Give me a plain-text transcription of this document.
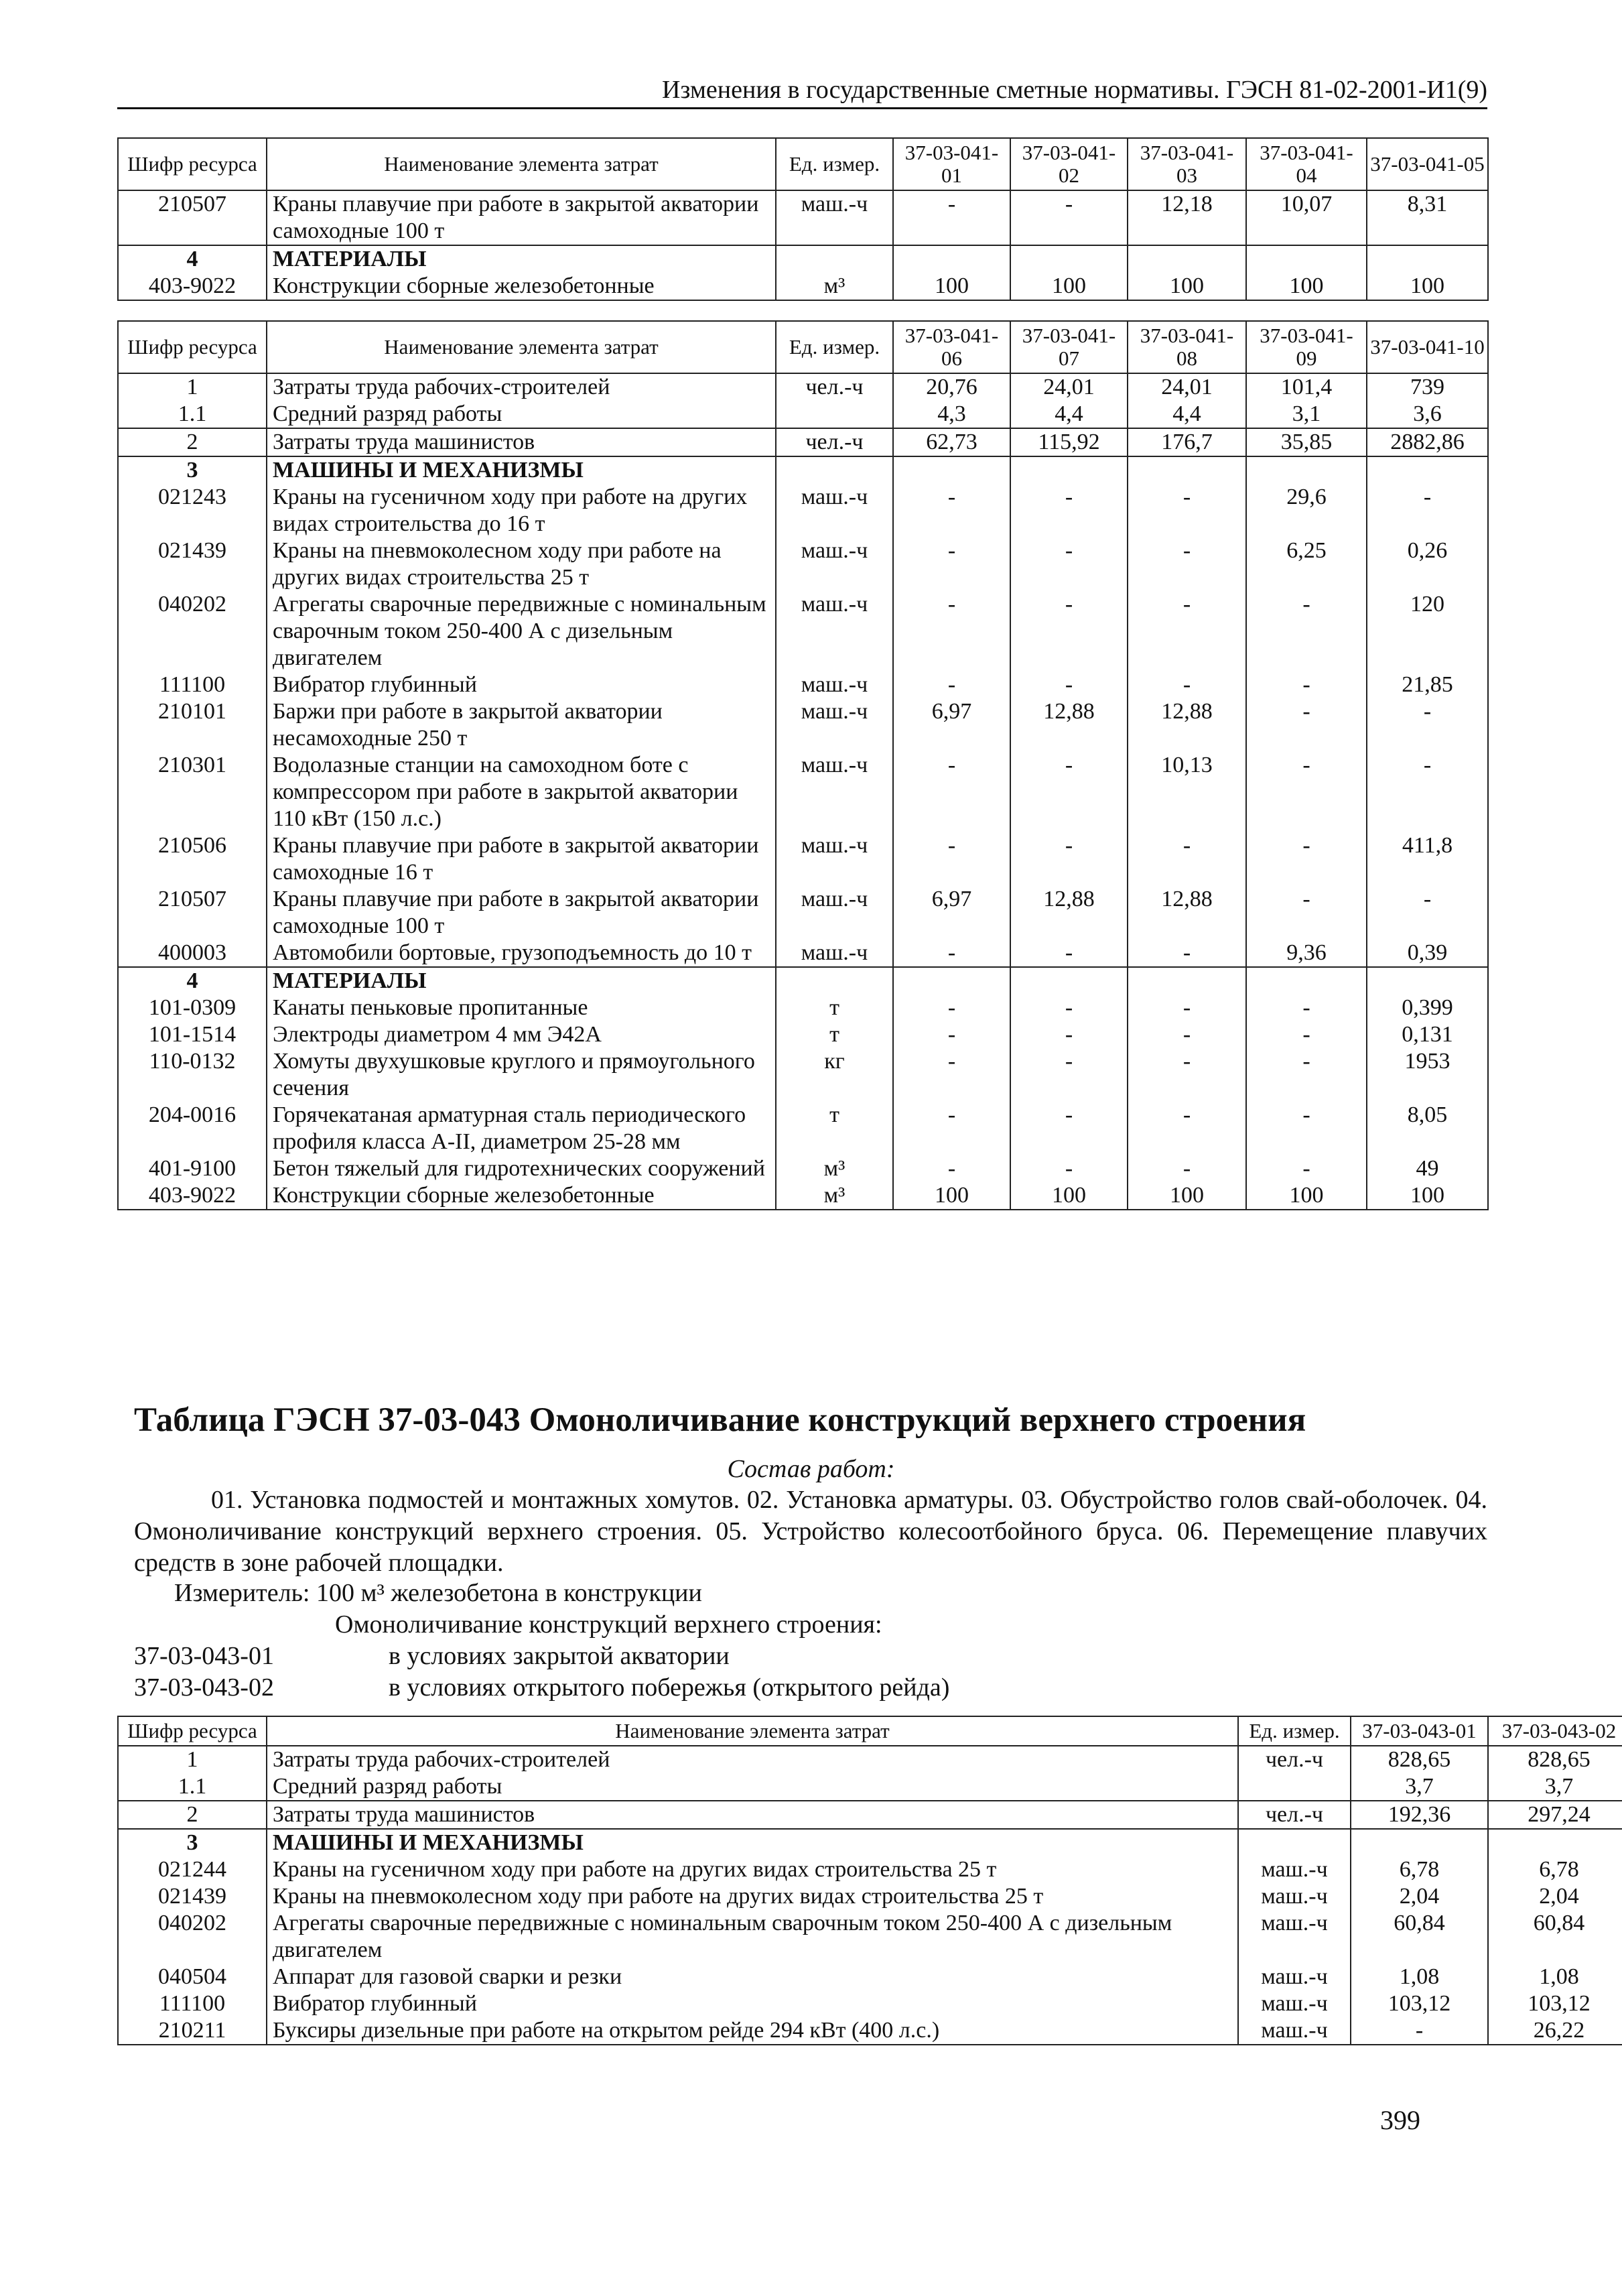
Изменения в государственные сметные нормативы. ГЭСН 81-02-2001-И1(9)
Шифр ресурса	Наименование элемента затрат	Ед. измер.	37-03-041-01	37-03-041-02	37-03-041-03	37-03-041-04	37-03-041-05
210507	Краны плавучие при работе в закрытой акватории самоходные 100 т	маш.-ч	-	-	12,18	10,07	8,31
4	МАТЕРИАЛЫ						
403-9022	Конструкции сборные железобетонные	м³	100	100	100	100	100
Шифр ресурса	Наименование элемента затрат	Ед. измер.	37-03-041-06	37-03-041-07	37-03-041-08	37-03-041-09	37-03-041-10
1	Затраты труда рабочих-строителей	чел.-ч	20,76	24,01	24,01	101,4	739
1.1	Средний разряд работы		4,3	4,4	4,4	3,1	3,6
2	Затраты труда машинистов	чел.-ч	62,73	115,92	176,7	35,85	2882,86
3	МАШИНЫ И МЕХАНИЗМЫ						
021243	Краны на гусеничном ходу при работе на других видах строительства до 16 т	маш.-ч	-	-	-	29,6	-
021439	Краны на пневмоколесном ходу при работе на других видах строительства 25 т	маш.-ч	-	-	-	6,25	0,26
040202	Агрегаты сварочные передвижные с номинальным сварочным током 250-400 А с дизельным двигателем	маш.-ч	-	-	-	-	120
111100	Вибратор глубинный	маш.-ч	-	-	-	-	21,85
210101	Баржи при работе в закрытой акватории несамоходные 250 т	маш.-ч	6,97	12,88	12,88	-	-
210301	Водолазные станции на самоходном боте с компрессором при работе в закрытой акватории 110 кВт (150 л.с.)	маш.-ч	-	-	10,13	-	-
210506	Краны плавучие при работе в закрытой акватории самоходные 16 т	маш.-ч	-	-	-	-	411,8
210507	Краны плавучие при работе в закрытой акватории самоходные 100 т	маш.-ч	6,97	12,88	12,88	-	-
400003	Автомобили бортовые, грузоподъемность до 10 т	маш.-ч	-	-	-	9,36	0,39
4	МАТЕРИАЛЫ						
101-0309	Канаты пеньковые пропитанные	т	-	-	-	-	0,399
101-1514	Электроды диаметром 4 мм Э42А	т	-	-	-	-	0,131
110-0132	Хомуты двухушковые круглого и прямоугольного сечения	кг	-	-	-	-	1953
204-0016	Горячекатаная арматурная сталь периодического профиля класса А-II, диаметром 25-28 мм	т	-	-	-	-	8,05
401-9100	Бетон тяжелый для гидротехнических сооружений	м³	-	-	-	-	49
403-9022	Конструкции сборные железобетонные	м³	100	100	100	100	100
Таблица ГЭСН 37-03-043 Омоноличивание конструкций верхнего строения
Состав работ:
01. Установка подмостей и монтажных хомутов. 02. Установка арматуры. 03. Обустройство голов свай-оболочек. 04. Омоноличивание конструкций верхнего строения. 05. Устройство колесоотбойного бруса. 06. Перемещение плавучих средств в зоне рабочей площадки.
Измеритель: 100 м³ железобетона в конструкции
Омоноличивание конструкций верхнего строения:
37-03-043-01	в условиях закрытой акватории
37-03-043-02	в условиях открытого побережья (открытого рейда)
Шифр ресурса	Наименование элемента затрат	Ед. измер.	37-03-043-01	37-03-043-02
1	Затраты труда рабочих-строителей	чел.-ч	828,65	828,65
1.1	Средний разряд работы		3,7	3,7
2	Затраты труда машинистов	чел.-ч	192,36	297,24
3	МАШИНЫ И МЕХАНИЗМЫ			
021244	Краны на гусеничном ходу при работе на других видах строительства 25 т	маш.-ч	6,78	6,78
021439	Краны на пневмоколесном ходу при работе на других видах строительства 25 т	маш.-ч	2,04	2,04
040202	Агрегаты сварочные передвижные с номинальным сварочным током 250-400 А с дизельным двигателем	маш.-ч	60,84	60,84
040504	Аппарат для газовой сварки и резки	маш.-ч	1,08	1,08
111100	Вибратор глубинный	маш.-ч	103,12	103,12
210211	Буксиры дизельные при работе на открытом рейде 294 кВт (400 л.с.)	маш.-ч	-	26,22
399
